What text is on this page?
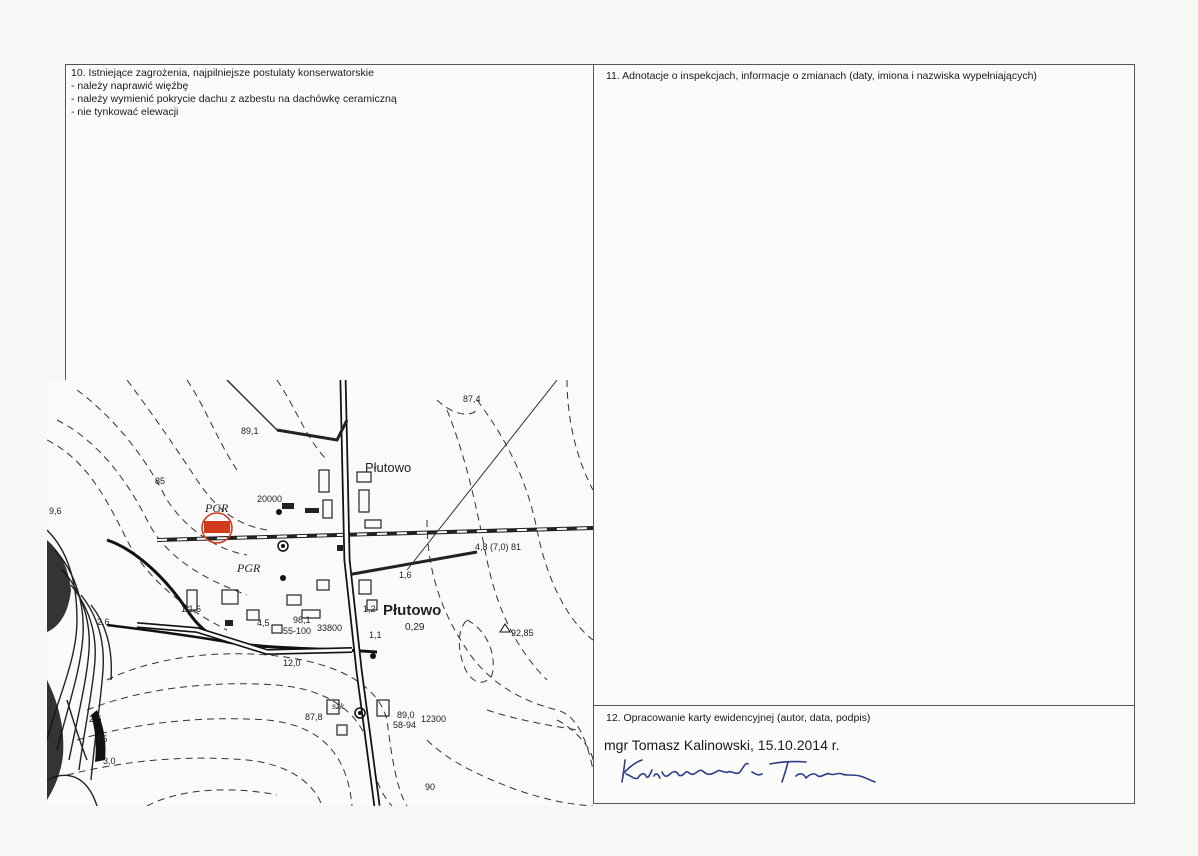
10. Istniejące zagrożenia, najpilniejsze postulaty konserwatorskie
- należy naprawić więźbę
- należy wymienić pokrycie dachu z azbestu na dachówkę ceramiczną
- nie tynkować elewacji
11. Adnotacje o inspekcjach, informacje o zmianach (daty, imiona i nazwiska wypełniających)
12. Opracowanie karty ewidencyjnej (autor, data, podpis)
mgr Tomasz Kalinowski, 15.10.2014 r.
Płutowo
Płutowo
PGR
PGR
87,4
89,1
20000
4,8 (7,0) 81
1,6
1,2
0,29	92,85
98,1
55-100 33800
1,1
12,0
4,5
1,1,6
87,8	89,0
58-94
12300
2,6
2,5
4,5
3,0
9,6
85
90
szk
